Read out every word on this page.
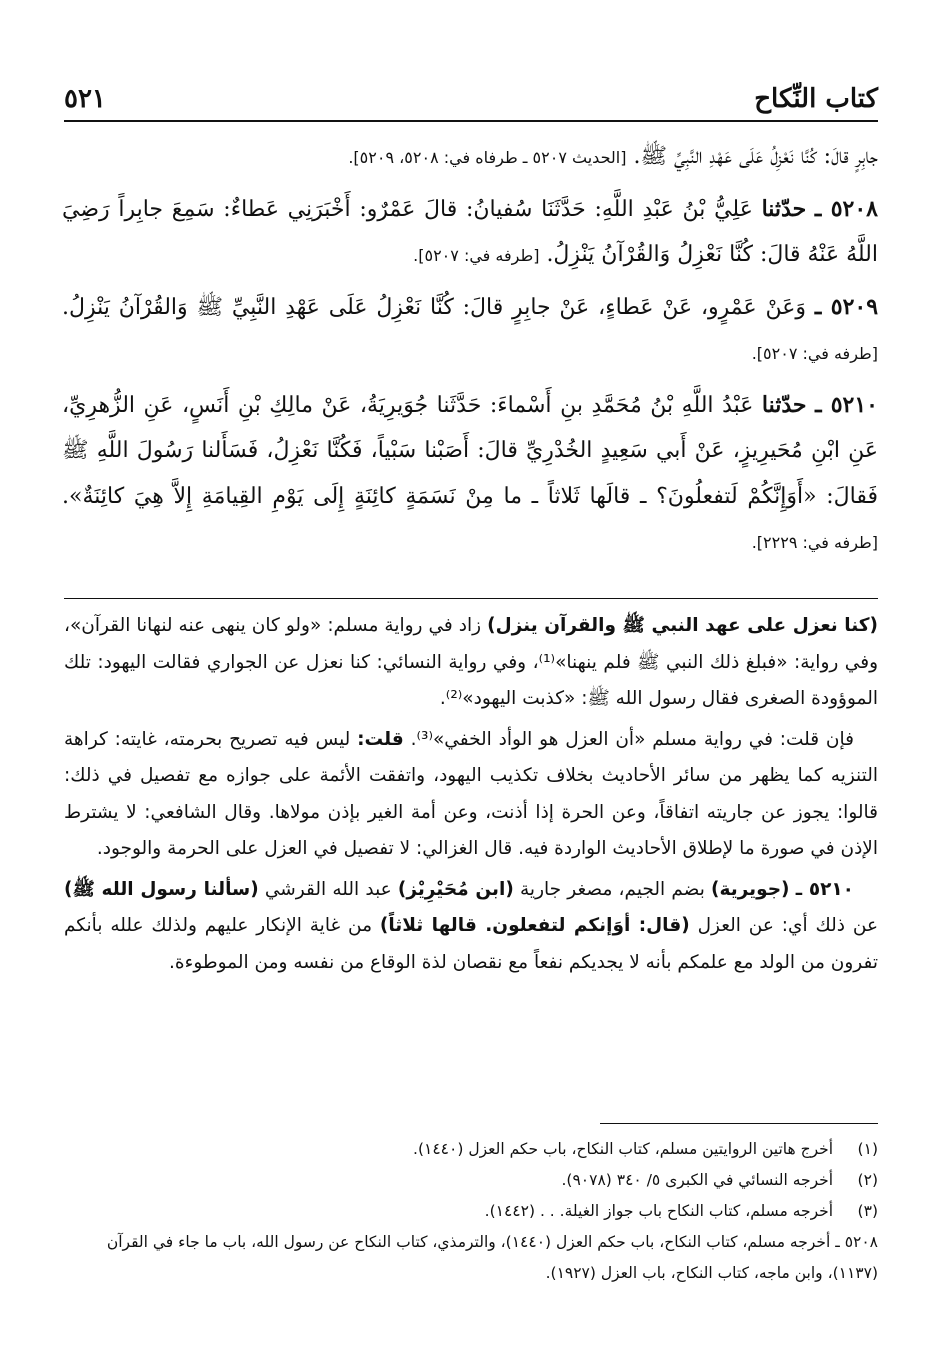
كتاب النِّكاح
٥٢١

جابِرٍ قالَ: كُنَّا نَعْزِلُ عَلَى عَهْدِ النَّبِيِّ ﷺ. [الحديث ٥٢٠٧ ـ طرفاه في: ٥٢٠٨، ٥٢٠٩].

٥٢٠٨ ـ حدّثنا عَلِيُّ بْنُ عَبْدِ اللَّهِ: حَدَّثَنَا سُفيانُ: قالَ عَمْرٌو: أَخْبَرَنِي عَطاءٌ: سَمِعَ جابِراً رَضِيَ اللَّهُ عَنْهُ قالَ: كُنَّا نَعْزِلُ وَالقُرْآنُ يَنْزِلُ. [طرفه في: ٥٢٠٧].

٥٢٠٩ ـ وَعَنْ عَمْرٍو، عَنْ عَطاءٍ، عَنْ جابِرٍ قالَ: كُنَّا نَعْزِلُ عَلَى عَهْدِ النَّبِيِّ ﷺ وَالقُرْآنُ يَنْزِلُ. [طرفه في: ٥٢٠٧].

٥٢١٠ ـ حدّثنا عَبْدُ اللَّهِ بْنُ مُحَمَّدِ بنِ أَسْماءَ: حَدَّثَنا جُوَيرِيَةُ، عَنْ مالِكِ بْنِ أَنَسٍ، عَنِ الزُّهرِيِّ، عَنِ ابْنِ مُحَيرِيزٍ، عَنْ أَبي سَعِيدٍ الخُدْرِيِّ قالَ: أَصَبْنا سَبْياً، فَكُنَّا نَعْزِلُ، فَسَأَلنا رَسُولَ اللَّهِ ﷺ فَقالَ: «أَوَإِنَّكُمْ لَتفعلُونَ؟ ـ قالَها ثَلاثاً ـ ما مِنْ نَسَمَةٍ كائِنَةٍ إِلَى يَوْمِ القِيامَةِ إِلاَّ هِيَ كائِنَةٌ». [طرفه في: ٢٢٢٩].

(كنا نعزل على عهد النبي ﷺ والقرآن ينزل) زاد في رواية مسلم: «ولو كان ينهى عنه لنهانا القرآن»، وفي رواية: «فبلغ ذلك النبي ﷺ فلم ينهنا»⁽¹⁾، وفي رواية النسائي: كنا نعزل عن الجواري فقالت اليهود: تلك الموؤودة الصغرى فقال رسول الله ﷺ: «كذبت اليهود»⁽²⁾.

فإن قلت: في رواية مسلم «أن العزل هو الوأد الخفي»⁽³⁾. قلت: ليس فيه تصريح بحرمته، غايته: كراهة التنزيه كما يظهر من سائر الأحاديث بخلاف تكذيب اليهود، واتفقت الأئمة على جوازه مع تفصيل في ذلك: قالوا: يجوز عن جاريته اتفاقاً، وعن الحرة إذا أذنت، وعن أمة الغير بإذن مولاها. وقال الشافعي: لا يشترط الإذن في صورة ما لإطلاق الأحاديث الواردة فيه. قال الغزالي: لا تفصيل في العزل على الحرمة والوجود.

٥٢١٠ ـ (جويرية) بضم الجيم، مصغر جارية (ابن مُحَيْرِيْز) عبد الله القرشي (سألنا رسول الله ﷺ) عن ذلك أي: عن العزل (قال: أوَإنكم لتفعلون. قالها ثلاثاً) من غاية الإنكار عليهم ولذلك علله بأنكم تفرون من الولد مع علمكم بأنه لا يجديكم نفعاً مع نقصان لذة الوقاع من نفسه ومن الموطوءة.

(١) أخرج هاتين الروايتين مسلم، كتاب النكاح، باب حكم العزل (١٤٤٠).

(٢) أخرجه النسائي في الكبرى ٥/ ٣٤٠ (٩٠٧٨).

(٣) أخرجه مسلم، كتاب النكاح باب جواز الغيلة. . . (١٤٤٢).

٥٢٠٨ ـ أخرجه مسلم، كتاب النكاح، باب حكم العزل (١٤٤٠)، والترمذي، كتاب النكاح عن رسول الله، باب ما جاء في القرآن (١١٣٧)، وابن ماجه، كتاب النكاح، باب العزل (١٩٢٧).
